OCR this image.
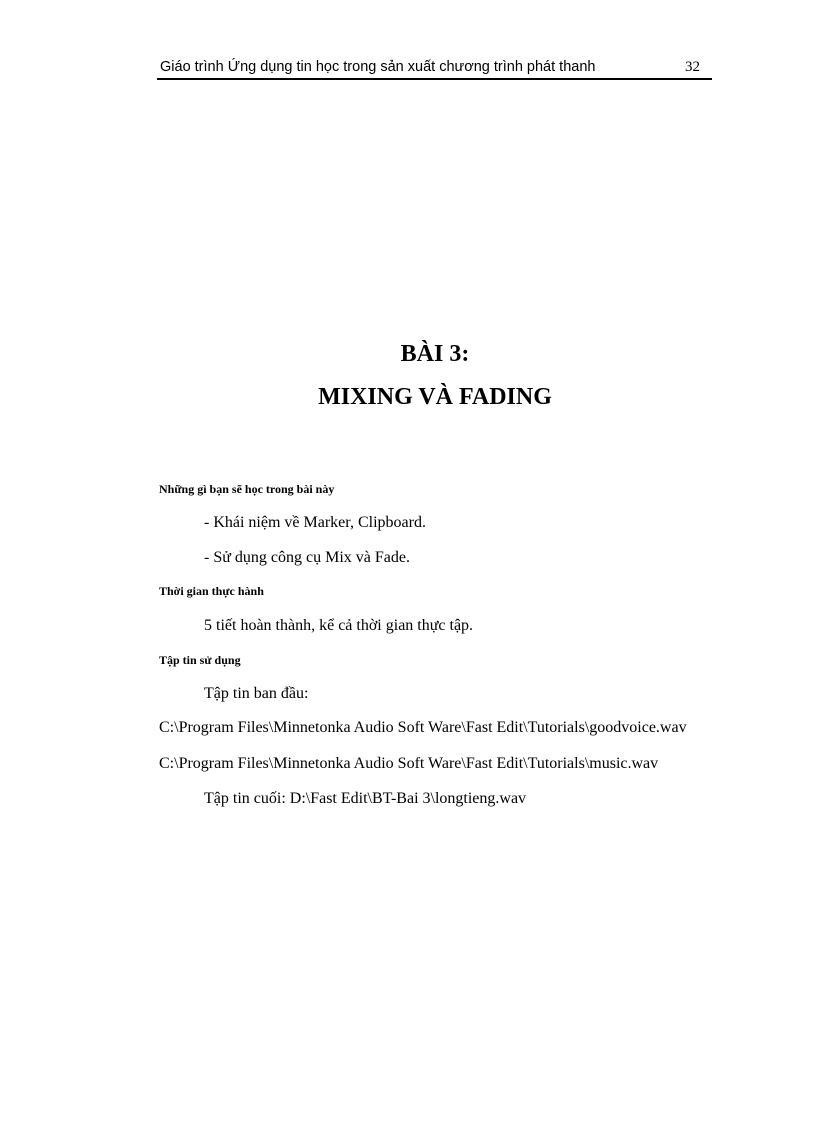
Giáo trình Ứng dụng tin học trong sản xuất chương trình phát thanh	32
BÀI 3:
MIXING VÀ FADING
Những gì bạn sẽ học trong bài này
- Khái niệm về Marker, Clipboard.
- Sử dụng công cụ Mix và Fade.
Thời gian thực hành
5 tiết hoàn thành, kể cả thời gian thực tập.
Tập tin sử dụng
Tập tin ban đầu:
C:\Program Files\Minnetonka Audio Soft Ware\Fast Edit\Tutorials\goodvoice.wav
C:\Program Files\Minnetonka Audio Soft Ware\Fast Edit\Tutorials\music.wav
Tập tin cuối: D:\Fast Edit\BT-Bai 3\longtieng.wav
